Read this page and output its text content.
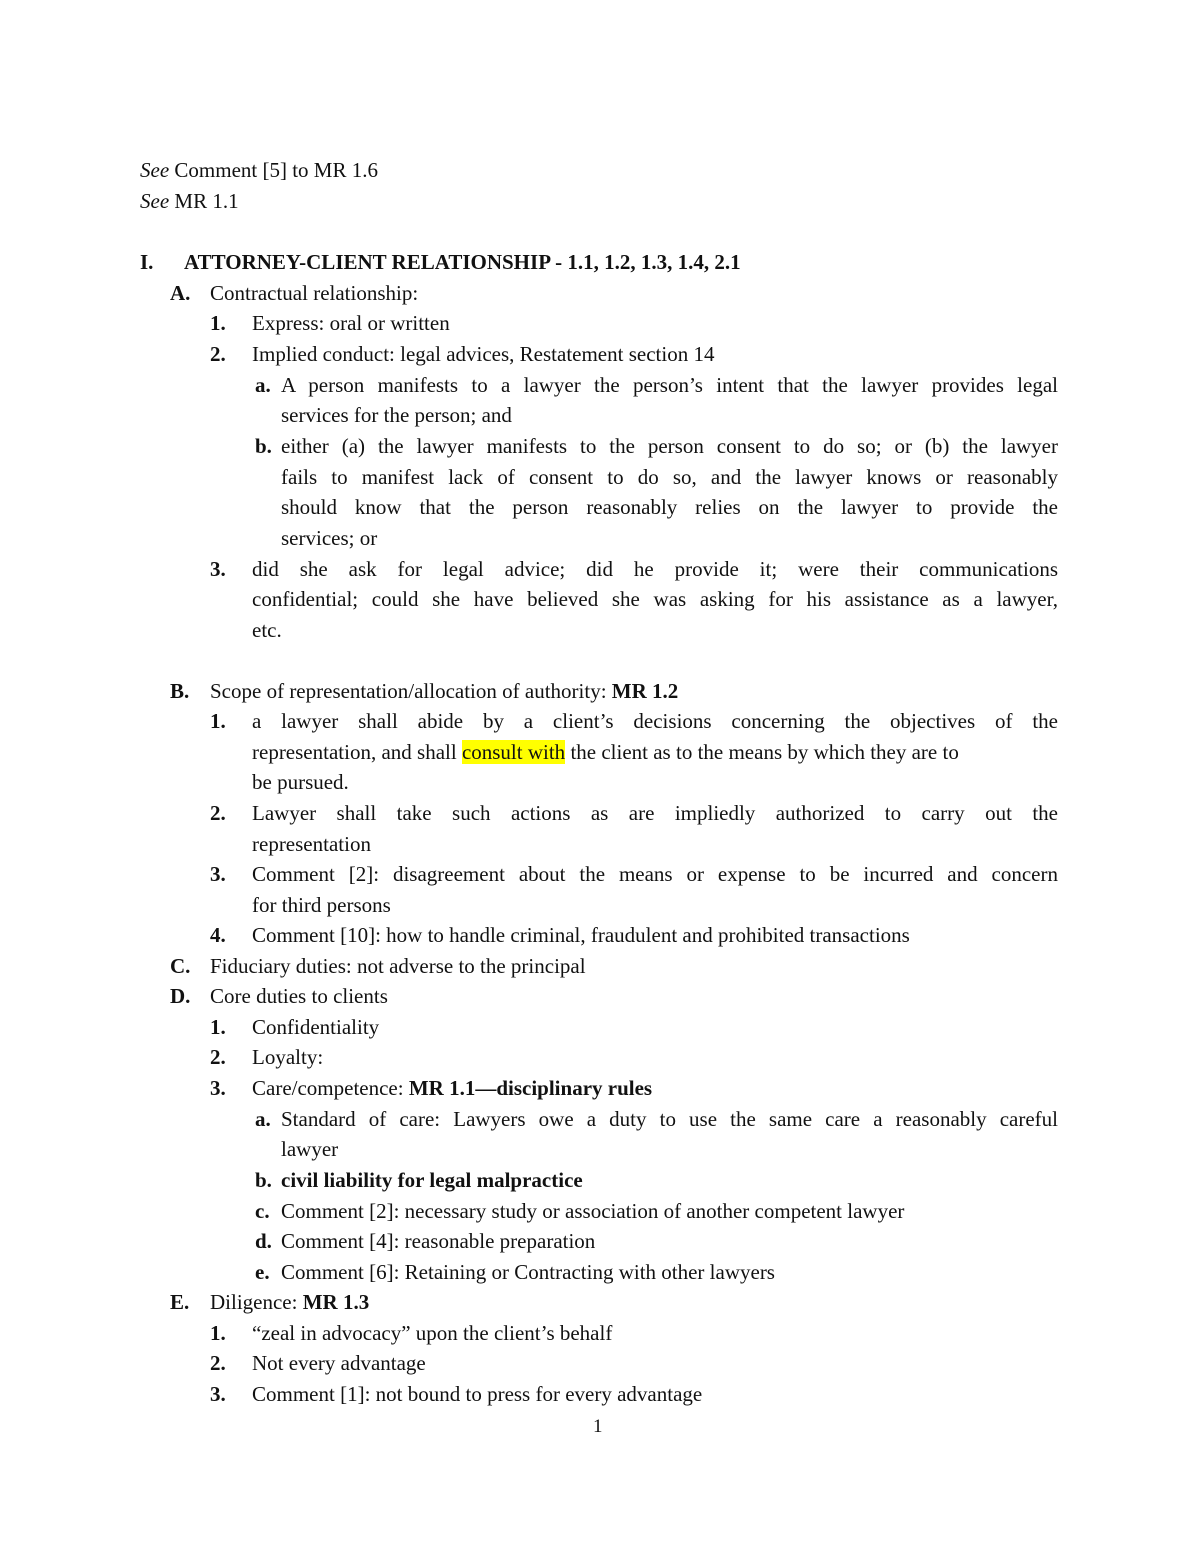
See Comment [5] to MR 1.6
See MR 1.1
I. ATTORNEY-CLIENT RELATIONSHIP - 1.1, 1.2, 1.3, 1.4, 2.1
A. Contractual relationship:
1. Express: oral or written
2. Implied conduct: legal advices, Restatement section 14
a. A person manifests to a lawyer the person’s intent that the lawyer provides legal
services for the person; and
b. either (a) the lawyer manifests to the person consent to do so; or (b) the lawyer
fails to manifest lack of consent to do so, and the lawyer knows or reasonably
should know that the person reasonably relies on the lawyer to provide the
services; or
3. did she ask for legal advice; did he provide it; were their communications
confidential; could she have believed she was asking for his assistance as a lawyer,
etc.
B. Scope of representation/allocation of authority: MR 1.2
1. a lawyer shall abide by a client’s decisions concerning the objectives of the
representation, and shall consult with the client as to the means by which they are to
be pursued.
2. Lawyer shall take such actions as are impliedly authorized to carry out the
representation
3. Comment [2]: disagreement about the means or expense to be incurred and concern
for third persons
4. Comment [10]: how to handle criminal, fraudulent and prohibited transactions
C. Fiduciary duties: not adverse to the principal
D. Core duties to clients
1. Confidentiality
2. Loyalty:
3. Care/competence: MR 1.1—disciplinary rules
a. Standard of care: Lawyers owe a duty to use the same care a reasonably careful
lawyer
b. civil liability for legal malpractice
c. Comment [2]: necessary study or association of another competent lawyer
d. Comment [4]: reasonable preparation
e. Comment [6]: Retaining or Contracting with other lawyers
E. Diligence: MR 1.3
1. “zeal in advocacy” upon the client’s behalf
2. Not every advantage
3. Comment [1]: not bound to press for every advantage
1
